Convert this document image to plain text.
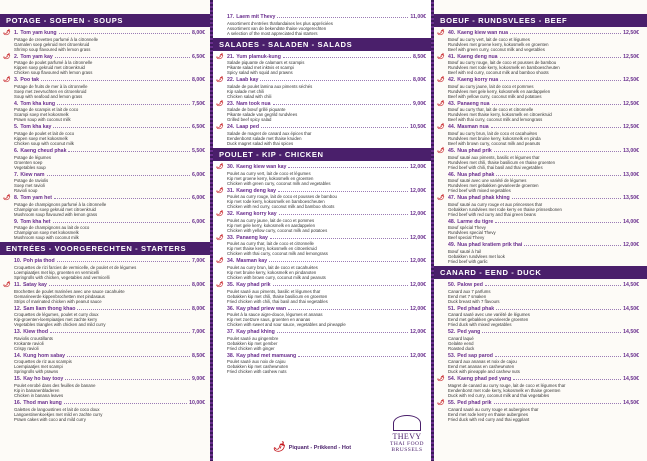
POTAGE - SOEPEN - SOUPS
🌶 1. Tom yam kung	8,00€
Potage de crevettes parfumé à la citronnelle
Garnalen soep gekruid met citroenkruid
Shrimp soup flavoured with lemon grass
🌶 2. Tom yam kay	6,50€
Potage de poulet parfumé à la citronnelle
Kippen soep gekruid met citroenkruid
Chicken soup flavoured with lemon grass
🌶 3. Poo tak	8,00€
Potage de fruits de mer à la citronnelle
Soep met zeevruchten en citroenkruid
Soup with seafood and lemon grass
4. Tom kha kung	7,50€
Potage de scampis et lait de coco
Scampi soep met kokosmelk
Prawn soup with coconut milk
5. Tom kha kay	6,50€
Potage de poulet et lait de coco
Kippen soep met kokosmelk
Chicken soup with coconut milk
6. Kaeng cheud phak	5,50€
Potage de légumes
Groenten soep
Vegetables soup
7. Kiew nam	6,00€
Potage de raviolis
Soep met ravioli
Ravioli soup
🌶 8. Tom yam het	6,00€
Potage de champignons parfumé à la citronnelle
Champignon soep gekruid met citroenkruid
Mushroom soup flavoured with lemon grass
9. Tom kha het	6,00€
Potage de champignons au lait de coco
Champignon soep met kokosmelk
Mushroom soup with coconut milk
ENTRÉES - VOORGERECHTEN - STARTERS
10. Poh pia thod	7,00€
Croquettes de rizi farcies de vermicelle, de poulet et de légumes
Loempiaatjes met kip, groenten en vermicelli
Springrolls with chicken, vegetables and vermicelli
🌶 11. Satay kay	8,00€
Brochettes de poulet marinées avec une sauce cacahuète
Gemarineerde kippenbrochetten met pindasaus
Strips of marinated chicken with peanut sauce
12. Sam liam thong khao	8,00€
Croquettes de légumes, poulet et curry doux
Kip-groenten-loempiaatjes met zachte kerry
Vegetables triangles with chicken and mild curry
13. Kiew thod	7,00€
Raviolis croustillants
Krokante ravioli
Crispy ravioli
14. Kung hom sabay	8,50€
Croquettes de riz aux scampis
Loempiaatjes met scampi
Springrolls with prawns
15. Kay ho bay tooy	9,00€
Poulet enrobé dans des feuilles de banane
Kip in bananenbladeren
Chicken in banana leaves
16. Thod man kung	10,00€
Galettes de langoustines et lait de coco doux
Langoestinenkoekjes met mild en zachte curry
Prawn cakes with coco and mild curry
17. Laem mit Thevy	11,00€
Assortiment d'entrées thaïlandaises les plus appréciées
Assortiment van de bekendste thaise voorgerechten
A selection of the most appreciated thai starters
SALADES - SALADEN - SALADS
🌶 21. Yum plamuk-kung	8,50€
Salade piquante de calamars et scampis
Pikante salad met inktvis et scampi
Spicy salad with squid and prawns
🌶 22. Laab kay	8,00€
Salade de poulet lamina aux piments séchés
Kip salade met chili
Chicken salad with chili
🌶 23. Nam took nua	9,00€
Salade de bœuf grillé piquante
Pikante salade van gegrild rundvlees
Grilled beef spicy salad
🌶 24. Laap ped	10,50€
Salade de magret de canard aux épices thaï
Eendenborst salade met thaise kruiden
Duck magret salad with thai spices
POULET - KIP - CHICKEN
🌶 30. Kaeng kiew wan kay	12,00€
Poulet au curry vert, lait de coco et légumes
Kip met groene kerry, kokosmelk en groenten
Chicken with green curry, coconut milk and vegetables
🌶 31. Kaeng deng kay	12,00€
Poulet au curry rouge, lait de coco et pousses de bambou
Kip met rode kerry, kokosmelk en bamboescheuten
Chicken with red curry, coconut milk and bamboo shoots
🌶 32. Kaeng korry kay	12,00€
Poulet au curry jaune, lait de coco et pommes
Kip met gele kerry, kokosmelk en aardappelen
Chicken with yellow curry, coconut milk and potatoes
🌶 33. Panaeng kay	12,00€
Poulet au curry thaï, lait de coco et citronnelle
Kip met thaise kerry, kokosmelk en citroenkruid
Chicken with thai curry, coconut milk and lemongrass
🌶 34. Masman kay	12,00€
Poulet au curry brun, lait de coco et cacahuètes
Kip met bruine kerry, kokosmelk en pindanoten
Chicken with brown curry, coconut milk and peanuts
🌶 35. Kay phad prik	12,00€
Poulet sauté aux piments, basilic et légumes thaï
Gebakken kip met chili, thaise basilicum en groenten
Fried chicken with chili, thai basil and thai vegetables
36. Kay phad priew wan	12,00€
Poulet à la sauce aigre-douce, légumes et ananas
Kip met zoetzure saus, groenten en ananas
Chicken with sweet and sour sauce, vegetables and pineapple
37. Kay phad khing	12,00€
Poulet sauté au gingembre
Gebakken kip met gember
Fried chicken with ginger
38. Kay phad met mamuang	12,00€
Poulet sauté aux noix de cajou
Gebakken kip met cashewnoten
Fried chicken with cashew nuts
🌶 Piquant - Prikkend - Hot
THEVY
THAI FOOD
BRUSSELS
BOEUF - RUNDSVLEES - BEEF
🌶 40. Kaeng kiew wan nua	12,50€
Bœuf au curry vert, lait de coco et légumes
Rundvlees met groene kerry, kokosmelk en groenten
Beef with green curry, coconut milk and vegetables
🌶 41. Kaeng deng nua	12,50€
Bœuf au curry rouge, lait de coco et pousses de bambou
Rundvlees met rode kerry, kokosmelk en bamboescheuten
Beef with red curry, coconut milk and bamboo shoots
🌶 42. Kaeng korry nua	12,50€
Bœuf au curry jaune, lait de coco et pommes
Rundvlees met gele kerry, kokosmelk en aardappelen
Beef with yellow curry, coconut milk and potatoes
🌶 43. Panaeng nua	12,50€
Bœuf au curry thaï, lait de coco et citronnelle
Rundvlees met thaise kerry, kokosmelk en citroenkruid
Beef with thai curry, coconut milk and lemongrass
🌶 44. Masman nua	12,50€
Bœuf au curry brun, lait de coco et cacahuètes
Rundvlees met bruine kerry, kokosmelk en pinda
Beef with brown curry, coconut milk and peanuts
🌶 45. Nua phad prik	13,00€
Bœuf sauté aux piments, basilic et légumes thaï
Rundvlees met chili, thaise basilicum en thaise groenten
Fried beef with chili, thai basil and thai vegetables
46. Nua phad phak	13,00€
Bœuf sauté avec une variété de légumes
Rundvlees met gebakken gevarieerde groenten
Fried beef with mixed vegetables
🌶 47. Nua phad phak khing	13,50€
Bœuf sauté au curry rouge et aux princesses thaï
Gebakken rundvlees met rode kerry en thaise prinsesbonen
Fried beef with red curry and thai green beans
48. Larme du tigre	14,00€
Bœuf spécial Thevy
Rundvlees special Thevy
Beef special Thevy
49. Nua phad kratiem prik thai	12,00€
Bœuf sauté à l'ail
Gebakken rundvlees met look
Fried beef with garlic
CANARD - EEND - DUCK
50. Palow ped	14,50€
Canard aux 7 parfums
Eend met 7 smaken
Duck breast with 7 flavours
51. Ped phad phak	14,50€
Canard sauté avec une variété de légumes
Eend met gebakken gevarieerde groenten
Fried duck with mixed vegetables
52. Ped yang	14,50€
Canard laqué
Gelakte eend
Roasted duck
53. Ped sap parod	14,50€
Canard aux ananas et noix de cajou
Eend met ananas en cashewnoten
Duck with pineapple and cashew nuts
🌶 54. Kaeng phad ped yang	14,50€
Magret de canard au curry rouge, lait de coco et légumes thaï
Eendenborst met rode kerry, kokosmelk en thaise groenten
Duck with red curry, coconut milk and thai vegetables
🌶 55. Ped phad prik	14,50€
Canard sauté au curry rouge et aubergines thaï
Eend met rode kerry en thaise aubergines
Fried duck with red curry and thai eggplant
